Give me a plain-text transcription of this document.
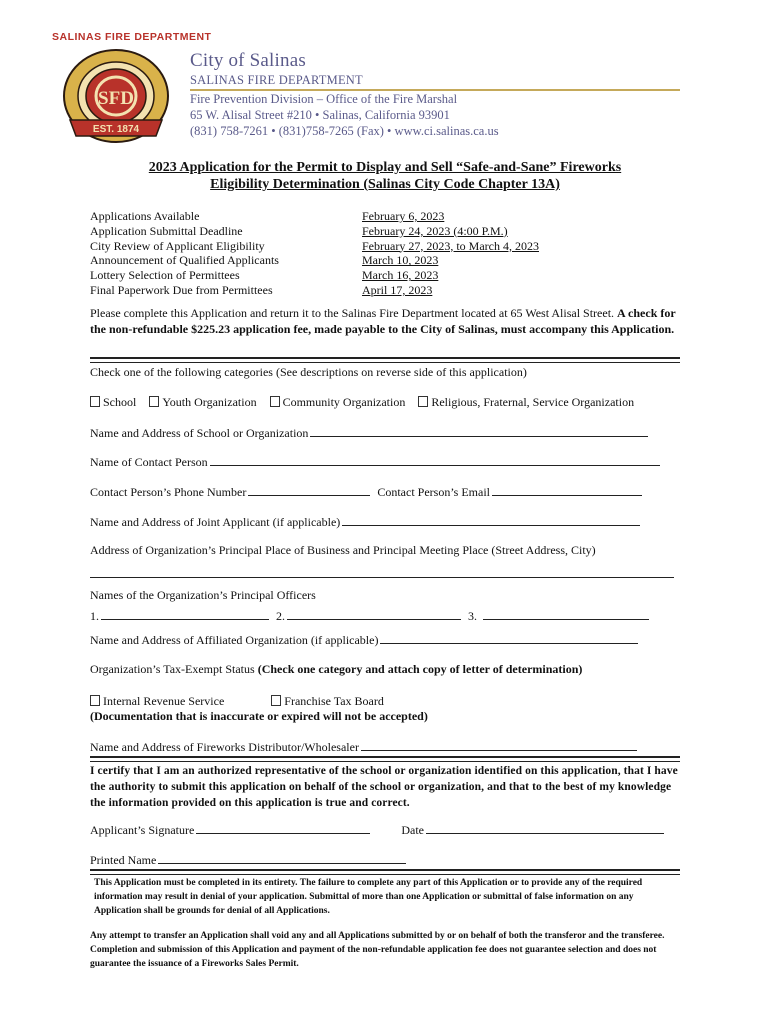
SALINAS FIRE DEPARTMENT
EST. 1874
SFD
City of Salinas
SALINAS FIRE DEPARTMENT
Fire Prevention Division – Office of the Fire Marshal
65 W. Alisal Street #210 • Salinas, California 93901
(831) 758-7261 • (831)758-7265 (Fax) • www.ci.salinas.ca.us
2023 Application for the Permit to Display and Sell “Safe-and-Sane” Fireworks
Eligibility Determination (Salinas City Code Chapter 13A)
Applications Available	February 6, 2023
Application Submittal Deadline	February 24, 2023 (4:00 P.M.)
City Review of Applicant Eligibility	February 27, 2023, to March 4, 2023
Announcement of Qualified Applicants	March 10, 2023
Lottery Selection of Permittees	March 16, 2023
Final Paperwork Due from Permittees	April 17, 2023
Please complete this Application and return it to the Salinas Fire Department located at 65 West Alisal Street. A check for the non-refundable $225.23 application fee, made payable to the City of Salinas, must accompany this Application.
Check one of the following categories (See descriptions on reverse side of this application)
School Youth Organization Community Organization Religious, Fraternal, Service Organization
Name and Address of School or Organization
Name of Contact Person
Contact Person’s Phone Number	Contact Person’s Email
Name and Address of Joint Applicant (if applicable)
Address of Organization’s Principal Place of Business and Principal Meeting Place (Street Address, City)
Names of the Organization’s Principal Officers
1.	2.	3.
Name and Address of Affiliated Organization (if applicable)
Organization’s Tax-Exempt Status (Check one category and attach copy of letter of determination)
Internal Revenue Service	Franchise Tax Board
(Documentation that is inaccurate or expired will not be accepted)
Name and Address of Fireworks Distributor/Wholesaler
I certify that I am an authorized representative of the school or organization identified on this application, that I have the authority to submit this application on behalf of the school or organization, and that to the best of my knowledge the information provided on this application is true and correct.
Applicant’s Signature	Date
Printed Name
This Application must be completed in its entirety. The failure to complete any part of this Application or to provide any of the required information may result in denial of your application. Submittal of more than one Application or submittal of false information on any Application shall be grounds for denial of all Applications.
Any attempt to transfer an Application shall void any and all Applications submitted by or on behalf of both the transferor and the transferee. Completion and submission of this Application and payment of the non-refundable application fee does not guarantee selection and does not guarantee the issuance of a Fireworks Sales Permit.
